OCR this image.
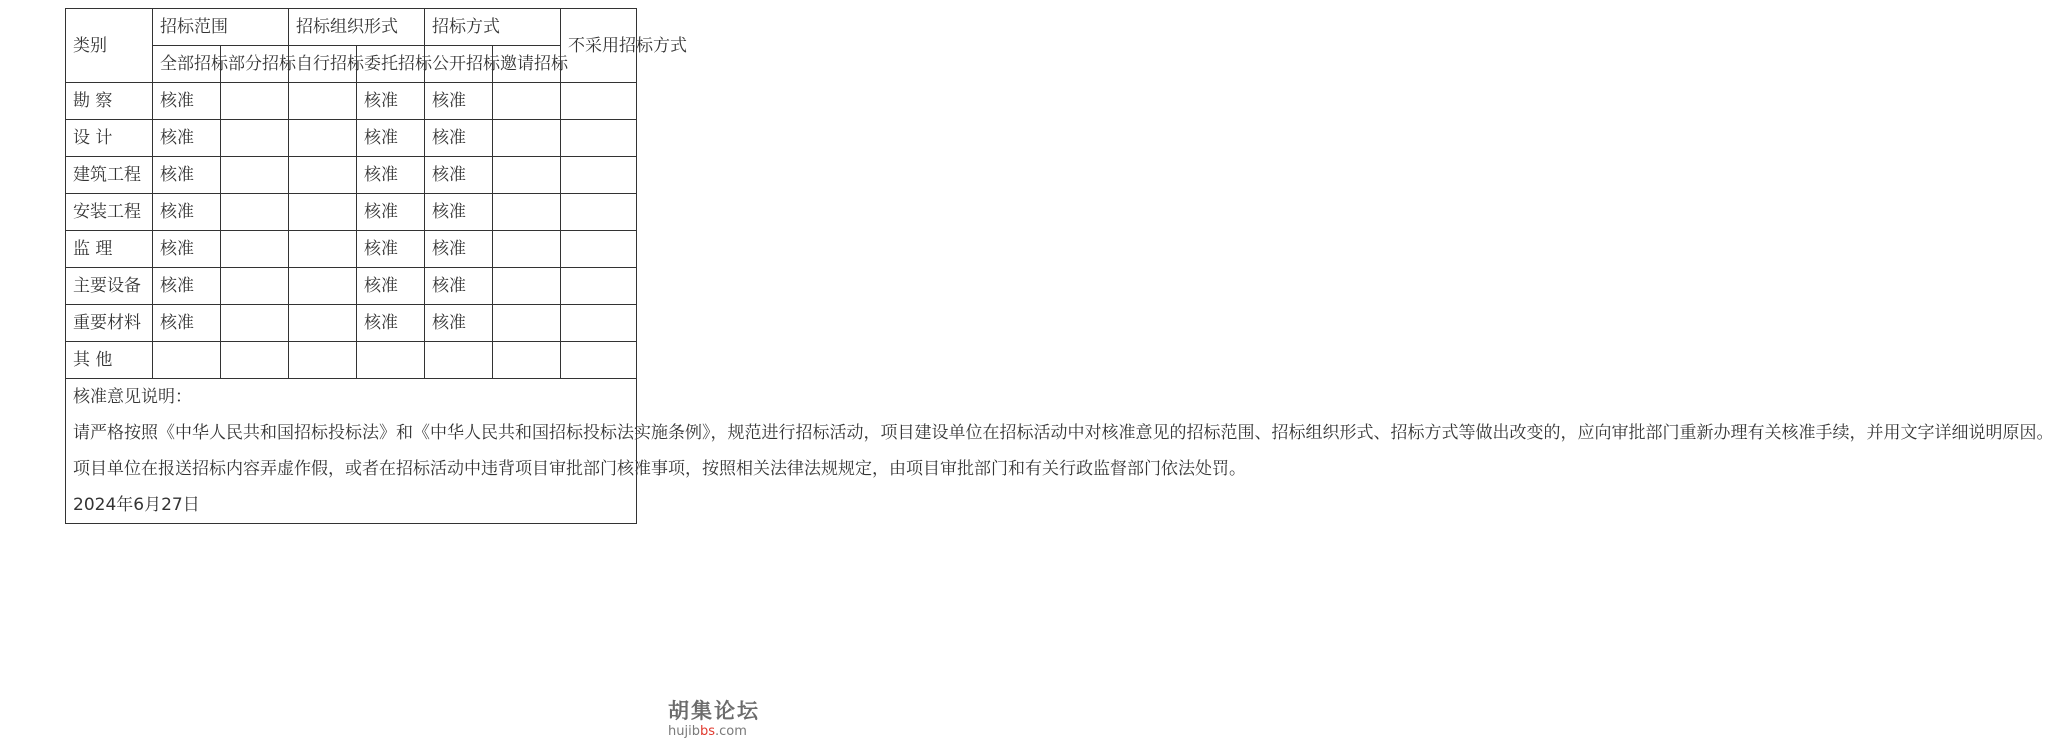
类别	招标范围		招标组织形式		招标方式		不采用招标方式
	全部招标	部分招标	自行招标	委托招标	公开招标	邀请招标	
勘 察	核准			核准	核准		
设 计	核准			核准	核准		
建筑工程	核准			核准	核准		
安装工程	核准			核准	核准		
监 理	核准			核准	核准		
主要设备	核准			核准	核准		
重要材料	核准			核准	核准		
其 他							

核准意见说明：

请严格按照《中华人民共和国招标投标法》和《中华人民共和国招标投标法实施条例》，规范进行招标活动，项目建设单位在招标活动中对核准意见的招标范围、招标组织形式、招标方式等做出改变的，应向审批部门重新办理有关核准手续，并用文字详细说明原因。

项目单位在报送招标内容弄虚作假，或者在招标活动中违背项目审批部门核准事项，按照相关法律法规规定，由项目审批部门和有关行政监督部门依法处罚。

2024年6月27日							

胡集论坛
hujibbs.com
